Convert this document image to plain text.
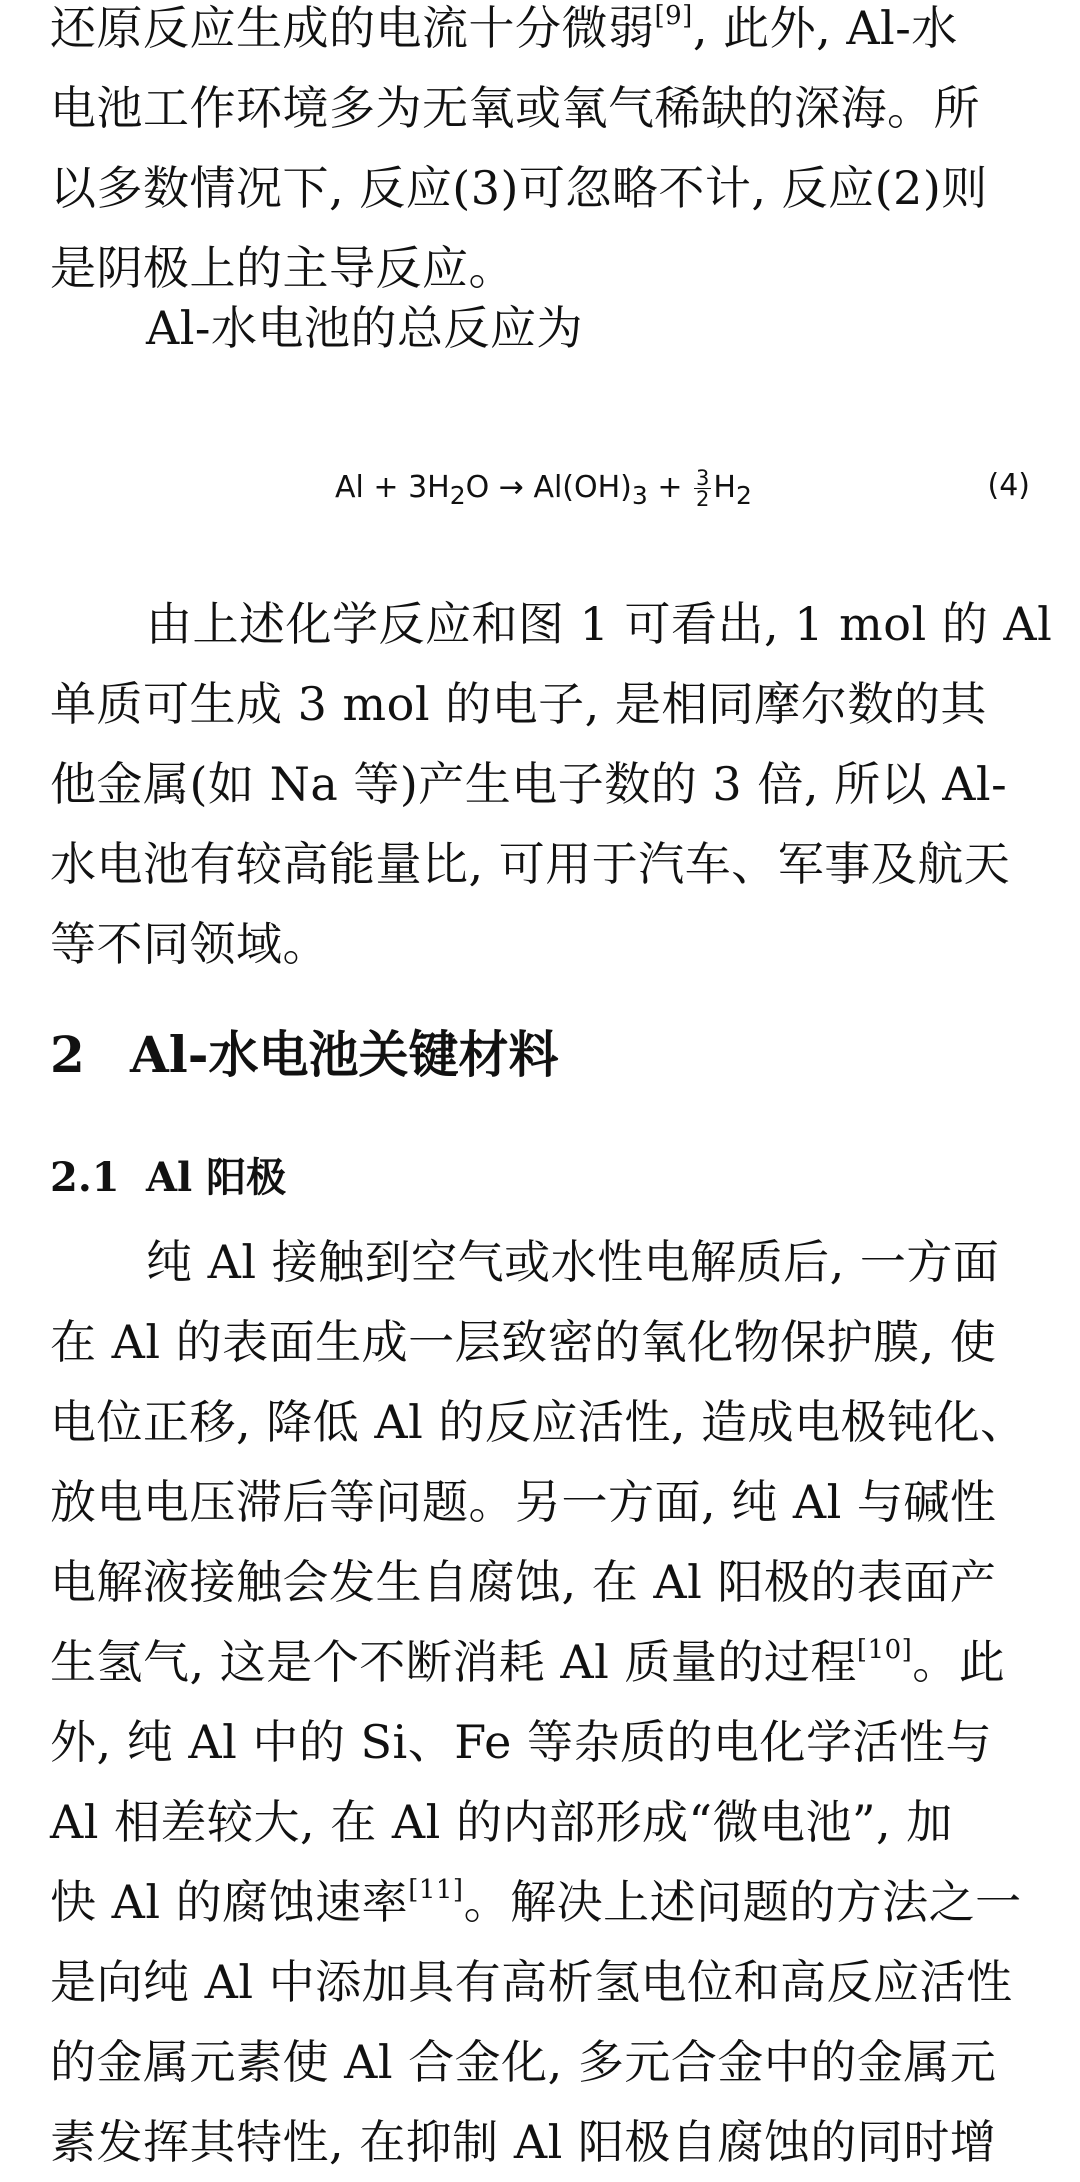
还原反应生成的电流十分微弱[9], 此外, Al-水
电池工作环境多为无氧或氧气稀缺的深海。所
以多数情况下, 反应(3)可忽略不计, 反应(2)则
是阴极上的主导反应。
Al-水电池的总反应为
$Al + 3H_2O \to Al(OH)_3 + \frac{3}{2} H_2$	(4)
由上述化学反应和图 1 可看出, 1 mol 的 Al
单质可生成 3 mol 的电子, 是相同摩尔数的其
他金属(如 Na 等)产生电子数的 3 倍, 所以 Al-
水电池有较高能量比, 可用于汽车、军事及航天
等不同领域。
2 Al-水电池关键材料
2.1 Al 阳极
纯 Al 接触到空气或水性电解质后, 一方面
在 Al 的表面生成一层致密的氧化物保护膜, 使
电位正移, 降低 Al 的反应活性, 造成电极钝化、
放电电压滞后等问题。另一方面, 纯 Al 与碱性
电解液接触会发生自腐蚀, 在 Al 阳极的表面产
生氢气, 这是个不断消耗 Al 质量的过程[10]。此
外, 纯 Al 中的 Si、Fe 等杂质的电化学活性与
Al 相差较大, 在 Al 的内部形成“微电池”, 加
快 Al 的腐蚀速率[11]。解决上述问题的方法之一
是向纯 Al 中添加具有高析氢电位和高反应活性
的金属元素使 Al 合金化, 多元合金中的金属元
素发挥其特性, 在抑制 Al 阳极自腐蚀的同时增
